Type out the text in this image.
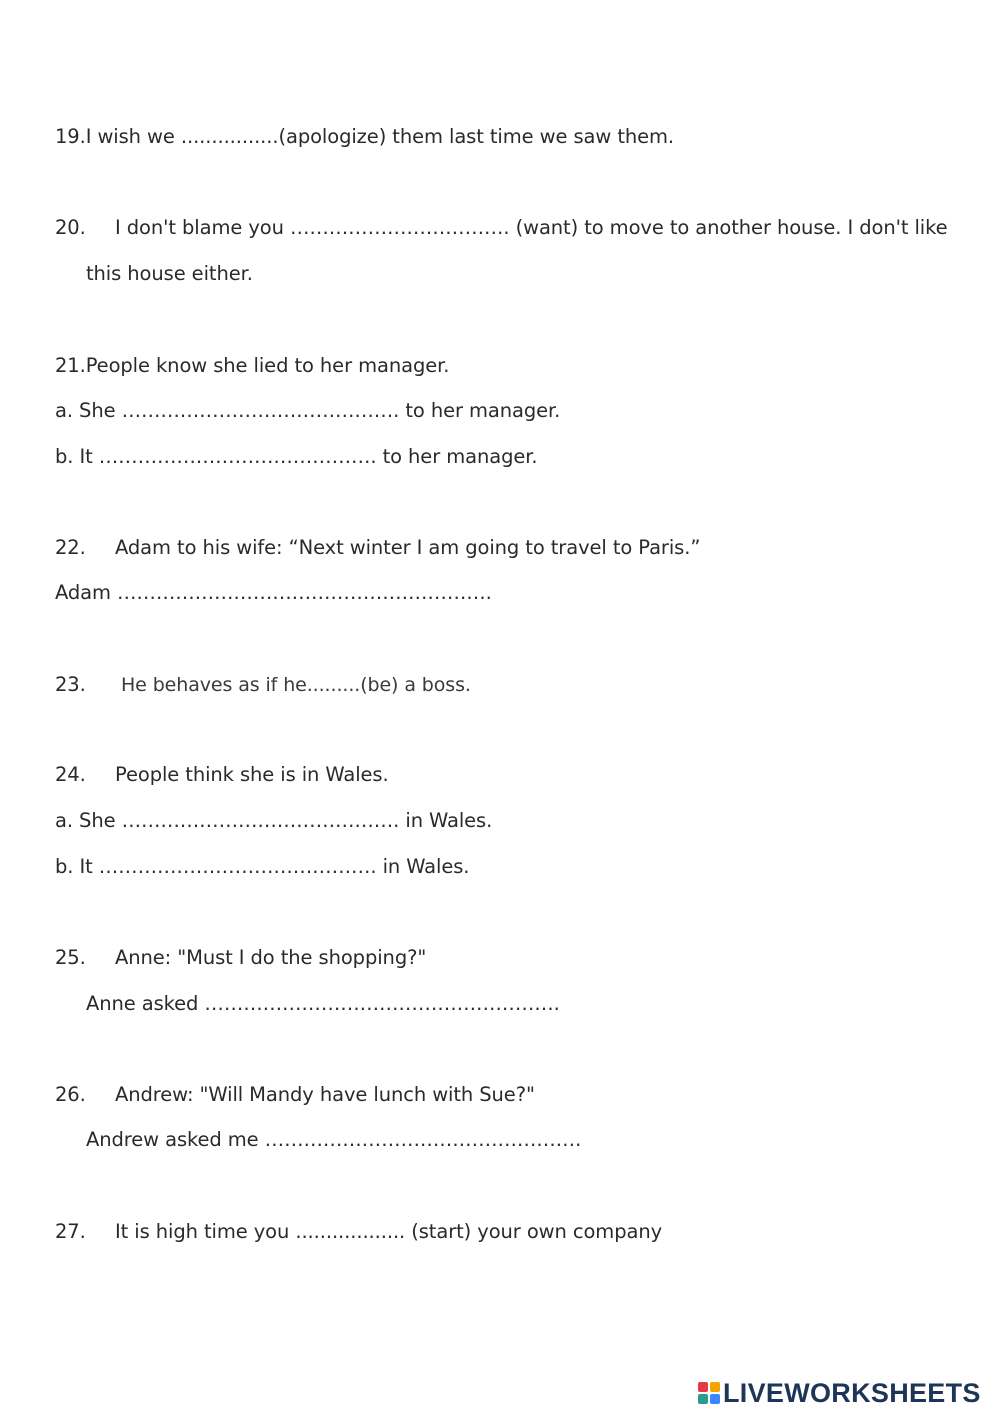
19.I wish we ................(apologize) them last time we saw them.
20. I don't blame you ……………………………. (want) to move to another house. I don't like
this house either.
21.People know she lied to her manager.
a. She ……………………………………. to her manager.
b. It ……………………………………. to her manager.
22. Adam to his wife: “Next winter I am going to travel to Paris.”
Adam ………………………………………………….
23. He behaves as if he.........(be) a boss.
24. People think she is in Wales.
a. She ……………………………………. in Wales.
b. It ……………………………………. in Wales.
25. Anne: "Must I do the shopping?"
Anne asked ……………………………………………….
26. Andrew: "Will Mandy have lunch with Sue?"
Andrew asked me ………………………………………….
27. It is high time you .................. (start) your own company
LIVEWORKSHEETS
